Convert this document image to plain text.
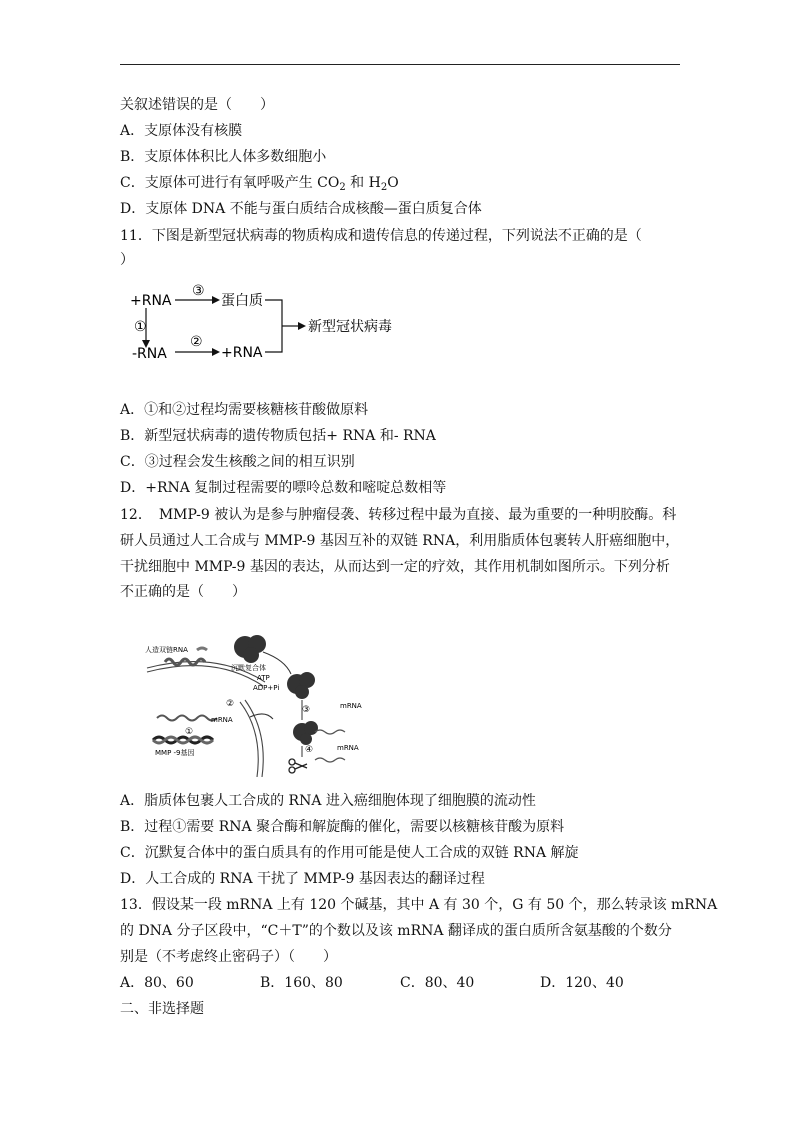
关叙述错误的是（　　）
A．支原体没有核膜
B．支原体体积比人体多数细胞小
C．支原体可进行有氧呼吸产生 $CO_2$ 和 $H_2O$
D．支原体 DNA 不能与蛋白质结合成核酸—蛋白质复合体
11．下图是新型冠状病毒的物质构成和遗传信息的传递过程，下列说法不正确的是（
）
+RNA
③
蛋白质
①
-RNA
②
+RNA
新型冠状病毒
A．①和②过程均需要核糖核苷酸做原料
B．新型冠状病毒的遗传物质包括+ RNA 和- RNA
C．③过程会发生核酸之间的相互识别
D．+RNA 复制过程需要的嘌呤总数和嘧啶总数相等
12．　MMP-9 被认为是参与肿瘤侵袭、转移过程中最为直接、最为重要的一种明胶酶。科
研人员通过人工合成与 MMP-9 基因互补的双链 RNA，利用脂质体包裹转人肝癌细胞中，
干扰细胞中 MMP-9 基因的表达，从而达到一定的疗效，其作用机制如图所示。下列分析
不正确的是（　　）
人造双链RNA
沉默复合体
ATP
ADP+Pi
③	mRNA
②
mRNA
④
①
MMP -9基因
mRNA
A．脂质体包裹人工合成的 RNA 进入癌细胞体现了细胞膜的流动性
B．过程①需要 RNA 聚合酶和解旋酶的催化，需要以核糖核苷酸为原料
C．沉默复合体中的蛋白质具有的作用可能是使人工合成的双链 RNA 解旋
D．人工合成的 RNA 干扰了 MMP-9 基因表达的翻译过程
13．假设某一段 mRNA 上有 120 个碱基，其中 A 有 30 个，G 有 50 个，那么转录该 mRNA
的 DNA 分子区段中，“C＋T”的个数以及该 mRNA 翻译成的蛋白质所含氨基酸的个数分
别是（不考虑终止密码子）（　　）
A．80、60	B．160、80	C．80、40	D．120、40
二、非选择题
